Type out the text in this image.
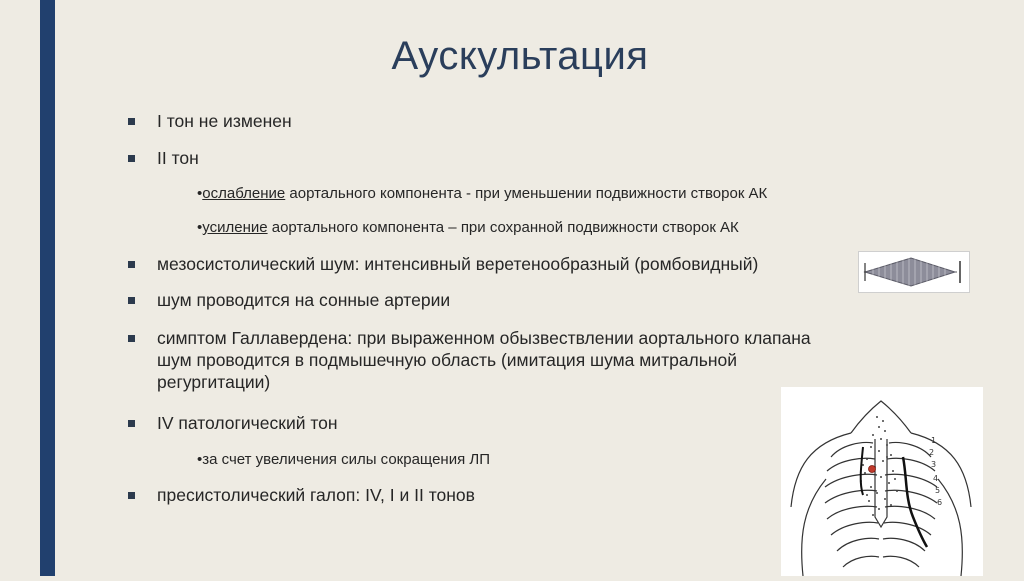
Аускультация
I тон не изменен
II тон
•ослабление аортального компонента - при уменьшении подвижности створок АК
•усиление аортального компонента – при сохранной подвижности створок АК
мезосистолический шум: интенсивный веретенообразный (ромбовидный)
шум проводится на сонные артерии
симптом Галлавердена: при выраженном обызвествлении аортального клапана
шум проводится в подмышечную область (имитация шума митральной
регургитации)
IV патологический тон
•за счет увеличения силы сокращения ЛП
пресистолический галоп: IV, I и II тонов
1
2
3
4
5
6
